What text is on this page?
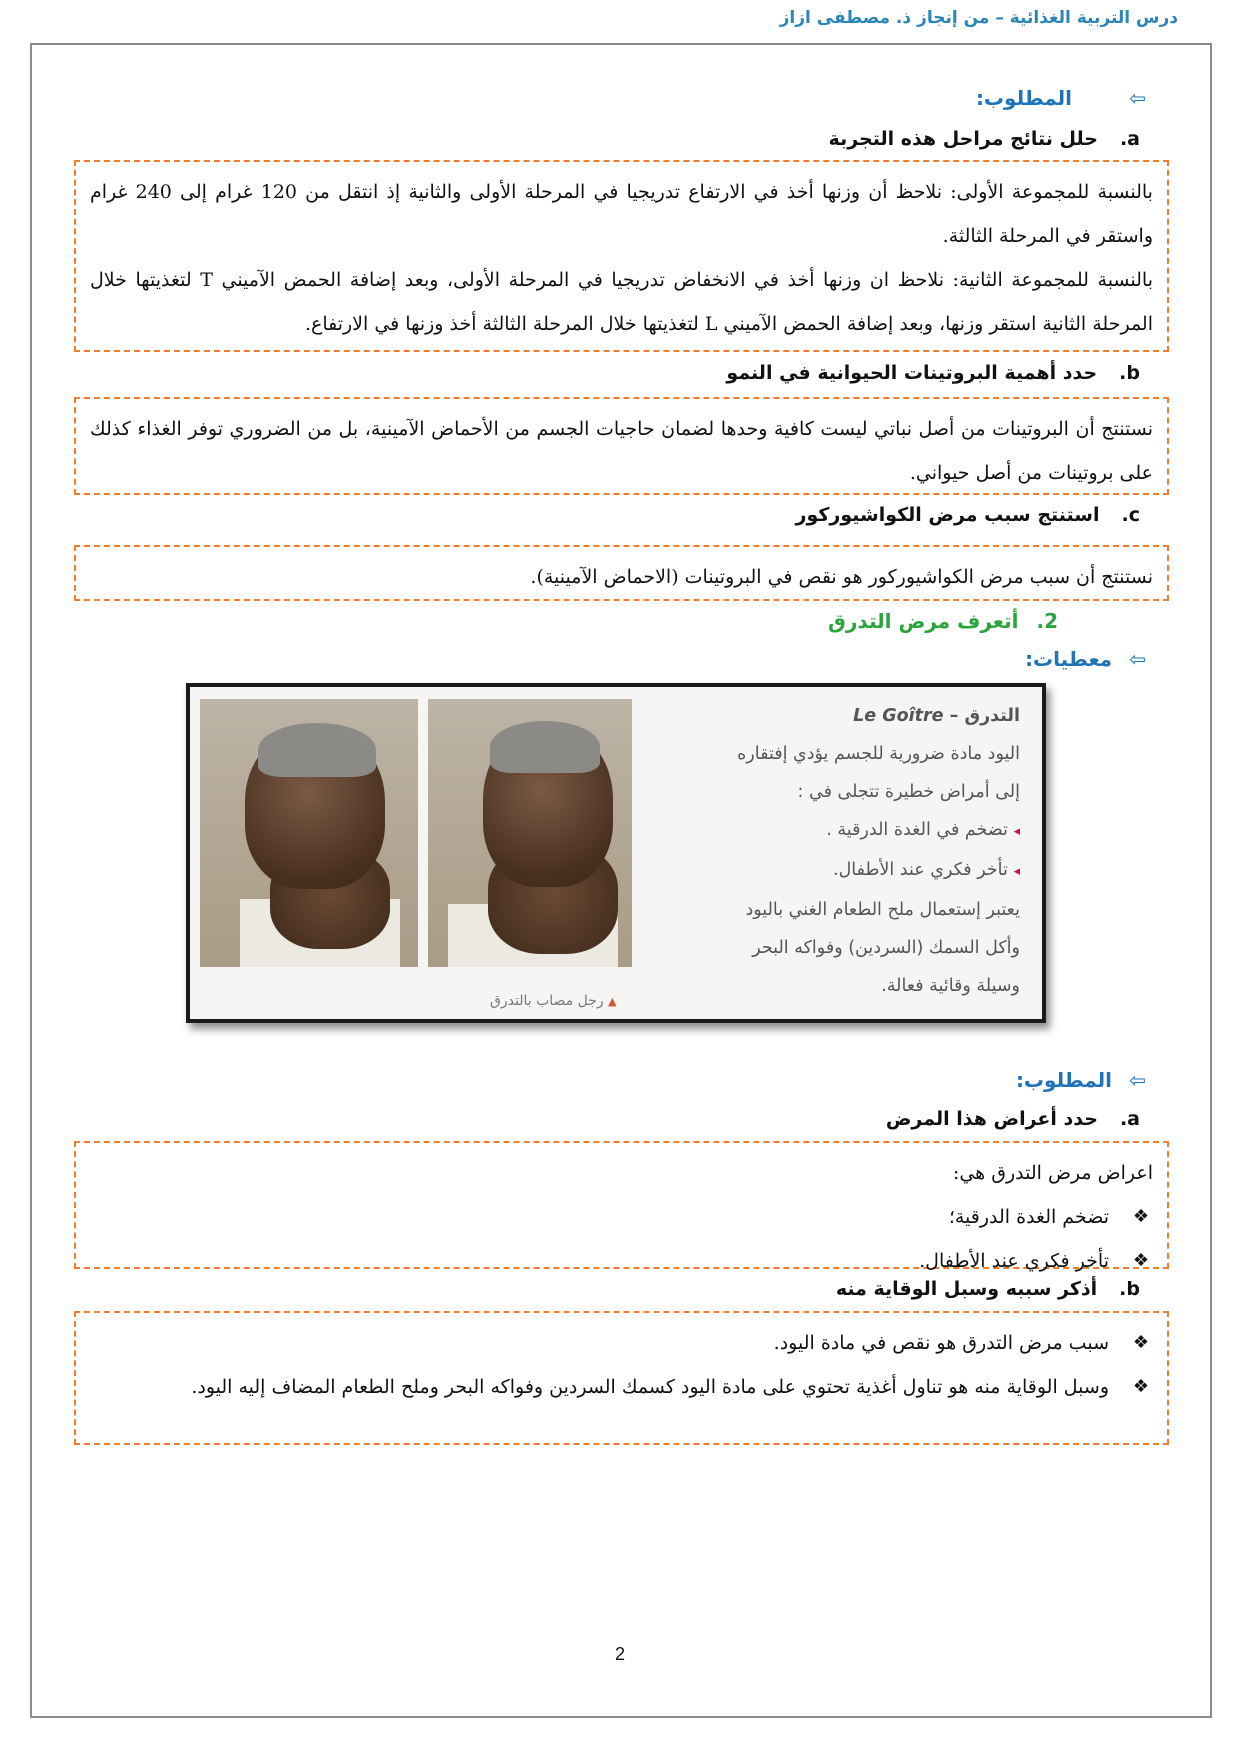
درس التربية الغذائية – من إنجاز ذ. مصطفى ازاز
المطلوب:	⇦
a.حلل نتائج مراحل هذه التجربة

بالنسبة للمجموعة الأولى: نلاحظ أن وزنها أخذ في الارتفاع تدريجيا في المرحلة الأولى والثانية إذ انتقل من 120 غرام إلى 240 غرام واستقر في المرحلة الثالثة.

بالنسبة للمجموعة الثانية: نلاحظ ان وزنها أخذ في الانخفاض تدريجيا في المرحلة الأولى، وبعد إضافة الحمض الآميني T لتغذيتها خلال المرحلة الثانية استقر وزنها، وبعد إضافة الحمض الآميني L لتغذيتها خلال المرحلة الثالثة أخذ وزنها في الارتفاع.

b.حدد أهمية البروتينات الحيوانية في النمو

نستنتج أن البروتينات من أصل نباتي ليست كافية وحدها لضمان حاجيات الجسم من الأحماض الآمينية، بل من الضروري توفر الغذاء كذلك على بروتينات من أصل حيواني.

c.استنتج سبب مرض الكواشيوركور

نستنتج أن سبب مرض الكواشيوركور هو نقص في البروتينات (الاحماض الآمينية).

2.أتعرف مرض التدرق
معطيات: ⇦
▲ رجل مصاب بالتدرق
التدرق – Le Goître
اليود مادة ضرورية للجسم يؤدي إفتقاره
إلى أمراض خطيرة تتجلى في :
◂ تضخم في الغدة الدرقية .
◂ تأخر فكري عند الأطفال.
يعتبر إستعمال ملح الطعام الغني باليود
وأكل السمك (السردين) وفواكه البحر
وسيلة وقائية فعالة.
المطلوب: ⇦
a.حدد أعراض هذا المرض

اعراض مرض التدرق هي:

❖
تضخم الغدة الدرقية؛
❖
تأخر فكري عند الأطفال.
b.أذكر سببه وسبل الوقاية منه
❖
سبب مرض التدرق هو نقص في مادة اليود.
❖
وسبل الوقاية منه هو تناول أغذية تحتوي على مادة اليود كسمك السردين وفواكه البحر وملح الطعام المضاف إليه اليود.
2
